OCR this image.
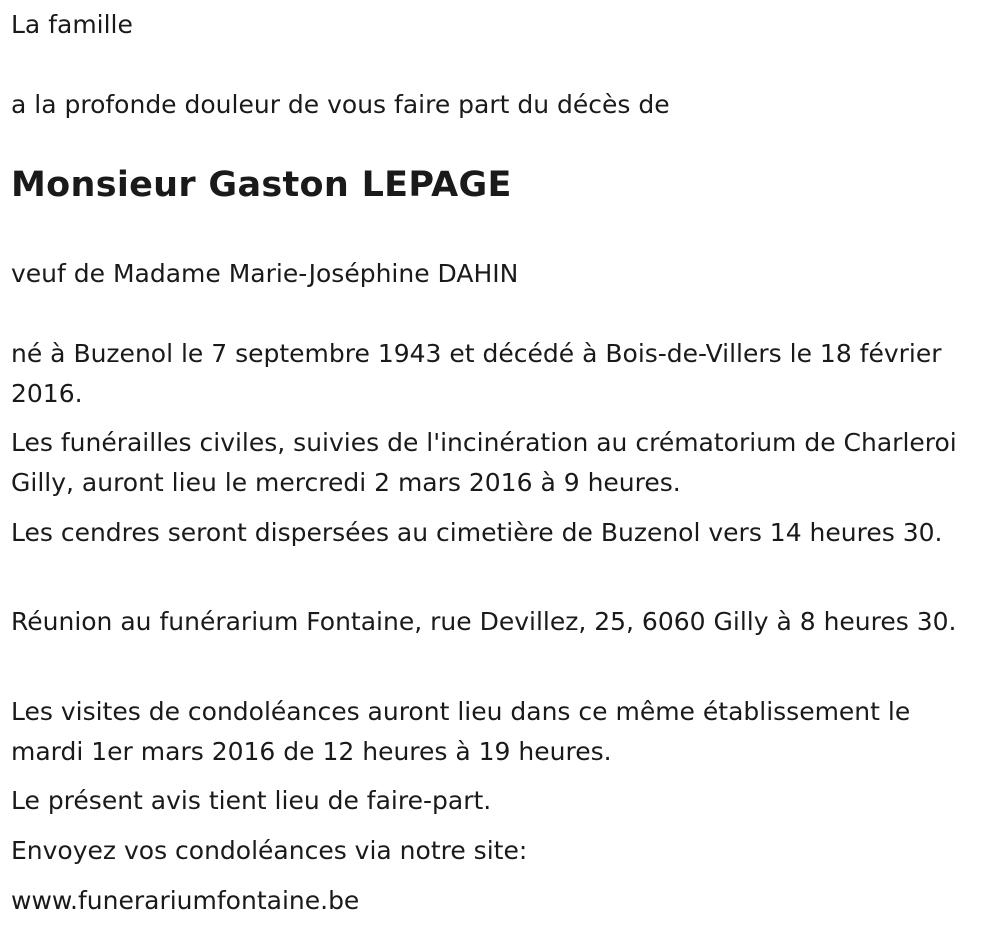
La famille

a la profonde douleur de vous faire part du décès de

Monsieur Gaston LEPAGE

veuf de Madame Marie-Joséphine DAHIN

né à Buzenol le 7 septembre 1943 et décédé à Bois-de-Villers le 18 février 2016.

Les funérailles civiles, suivies de l'incinération au crématorium de Charleroi Gilly, auront lieu le mercredi 2 mars 2016 à 9 heures.

Les cendres seront dispersées au cimetière de Buzenol vers 14 heures 30.

Réunion au funérarium Fontaine, rue Devillez, 25, 6060 Gilly à 8 heures 30.

Les visites de condoléances auront lieu dans ce même établissement le mardi 1er mars 2016 de 12 heures à 19 heures.

Le présent avis tient lieu de faire-part.

Envoyez vos condoléances via notre site:

www.funerariumfontaine.be
